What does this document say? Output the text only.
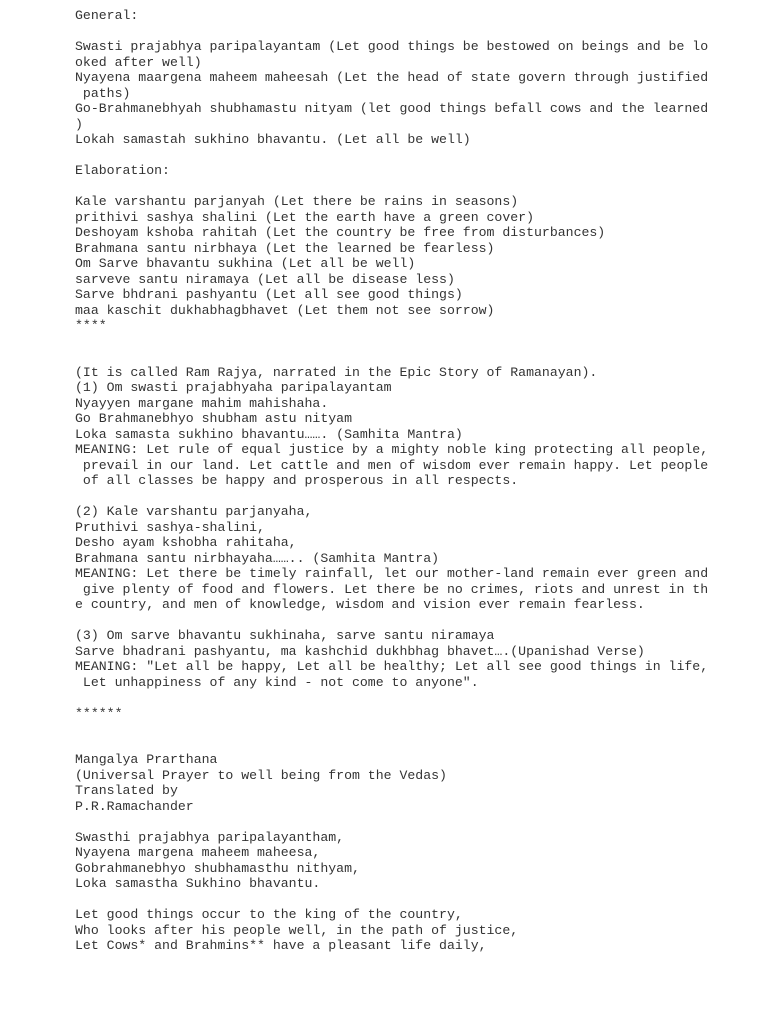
General:
Swasti prajabhya paripalayantam (Let good things be bestowed on beings and be lo
oked after well)
Nyayena maargena maheem maheesah (Let the head of state govern through justified
paths)
Go-Brahmanebhyah shubhamastu nityam (let good things befall cows and the learned
)
Lokah samastah sukhino bhavantu. (Let all be well)
Elaboration:
Kale varshantu parjanyah (Let there be rains in seasons)
prithivi sashya shalini (Let the earth have a green cover)
Deshoyam kshoba rahitah (Let the country be free from disturbances)
Brahmana santu nirbhaya (Let the learned be fearless)
Om Sarve bhavantu sukhina (Let all be well)
sarveve santu niramaya (Let all be disease less)
Sarve bhdrani pashyantu (Let all see good things)
maa kaschit dukhabhagbhavet (Let them not see sorrow)
****
(It is called Ram Rajya, narrated in the Epic Story of Ramanayan).
(1) Om swasti prajabhyaha paripalayantam
Nyayyen margane mahim mahishaha.
Go Brahmanebhyo shubham astu nityam
Loka samasta sukhino bhavantu……. (Samhita Mantra)
MEANING: Let rule of equal justice by a mighty noble king protecting all people,
prevail in our land. Let cattle and men of wisdom ever remain happy. Let people
of all classes be happy and prosperous in all respects.
(2) Kale varshantu parjanyaha,
Pruthivi sashya-shalini,
Desho ayam kshobha rahitaha,
Brahmana santu nirbhayaha…….. (Samhita Mantra)
MEANING: Let there be timely rainfall, let our mother-land remain ever green and
give plenty of food and flowers. Let there be no crimes, riots and unrest in th
e country, and men of knowledge, wisdom and vision ever remain fearless.
(3) Om sarve bhavantu sukhinaha, sarve santu niramaya
Sarve bhadrani pashyantu, ma kashchid dukhbhag bhavet….(Upanishad Verse)
MEANING: "Let all be happy, Let all be healthy; Let all see good things in life,
Let unhappiness of any kind - not come to anyone".
******
Mangalya Prarthana
(Universal Prayer to well being from the Vedas)
Translated by
P.R.Ramachander
Swasthi prajabhya paripalayantham,
Nyayena margena maheem maheesa,
Gobrahmanebhyo shubhamasthu nithyam,
Loka samastha Sukhino bhavantu.
Let good things occur to the king of the country,
Who looks after his people well, in the path of justice,
Let Cows* and Brahmins** have a pleasant life daily,
